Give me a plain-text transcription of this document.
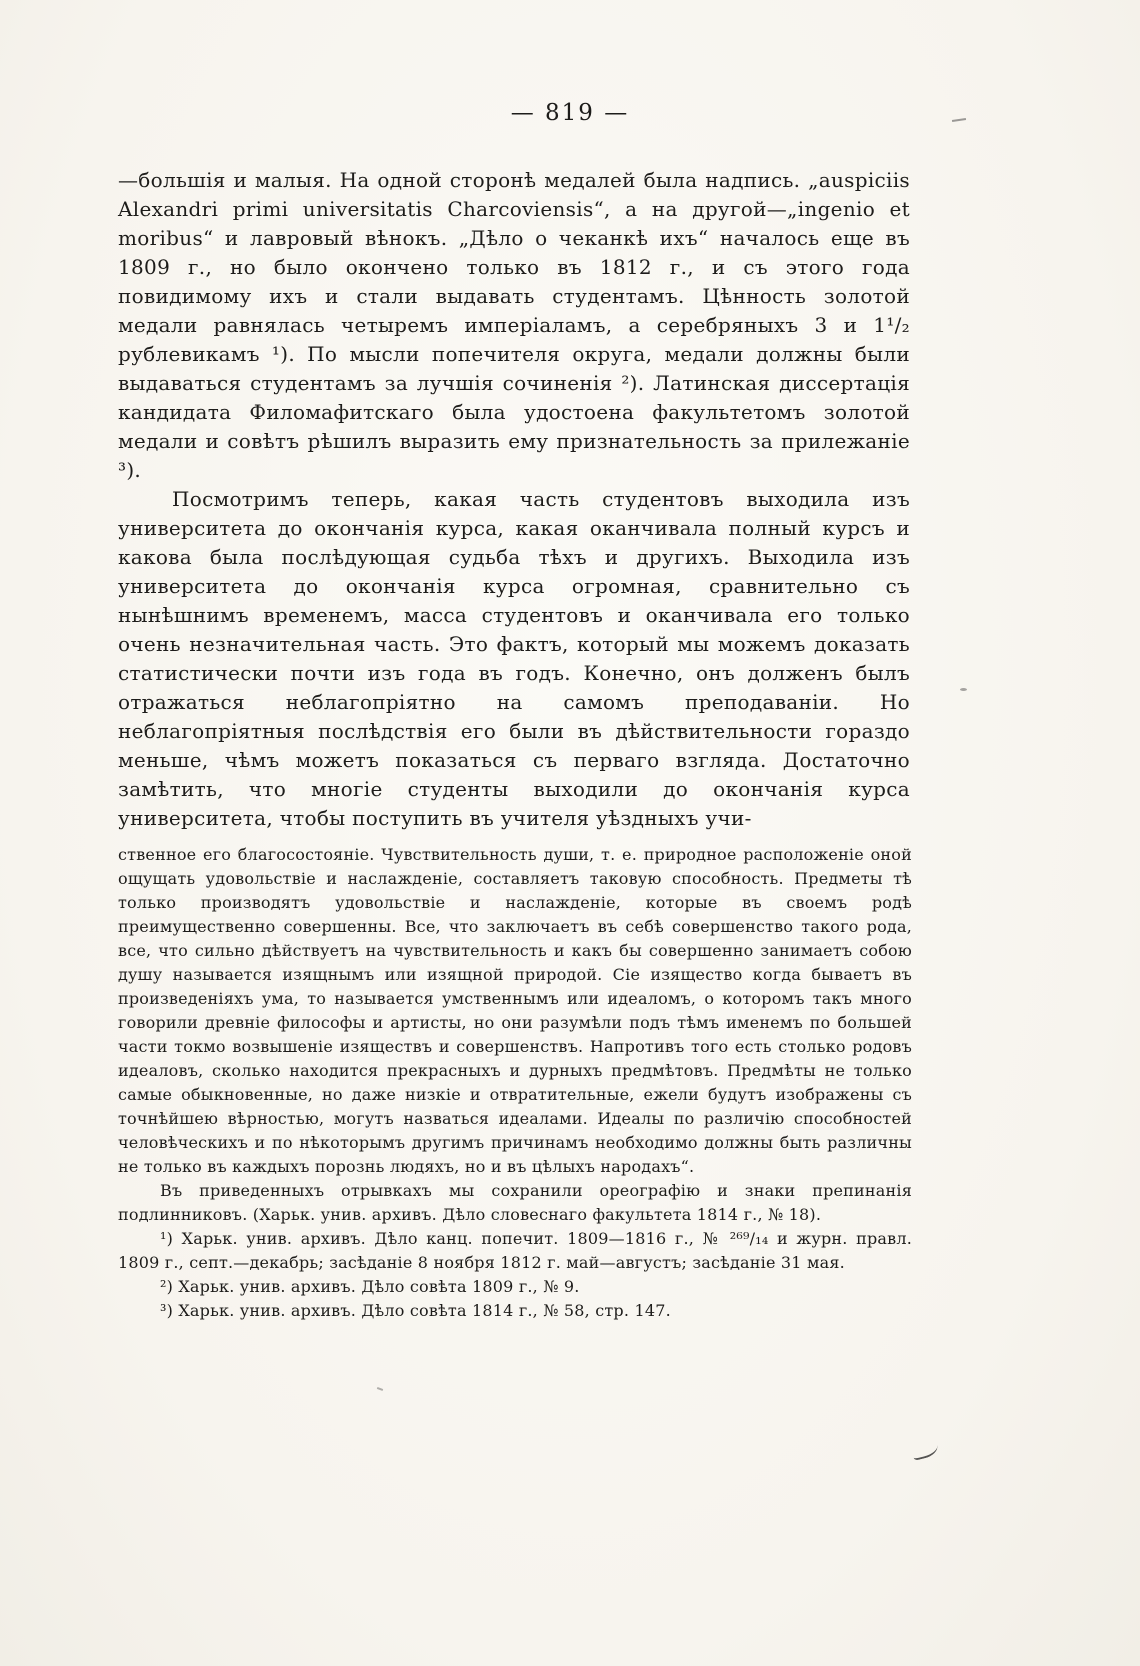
— 819 —

—большія и малыя. На одной сторонѣ медалей была надпись. „auspiciis Alexandri primi universitatis Charcoviensis“, а на другой—„ingenio et moribus“ и лавровый вѣнокъ. „Дѣло о чеканкѣ ихъ“ началось еще въ 1809 г., но было окончено только въ 1812 г., и съ этого года повидимому ихъ и стали выдавать студентамъ. Цѣнность золотой медали равнялась четыремъ имперіаламъ, а серебряныхъ 3 и 1¹/₂ рублевикамъ ¹). По мысли попечителя округа, медали должны были выдаваться студентамъ за лучшія сочиненія ²). Латинская диссертація кандидата Филомафитскаго была удостоена факультетомъ золотой медали и совѣтъ рѣшилъ выразить ему признательность за прилежаніе ³).

Посмотримъ теперь, какая часть студентовъ выходила изъ университета до окончанія курса, какая оканчивала полный курсъ и какова была послѣдующая судьба тѣхъ и другихъ. Выходила изъ университета до окончанія курса огромная, сравнительно съ нынѣшнимъ временемъ, масса студентовъ и оканчивала его только очень незначительная часть. Это фактъ, который мы можемъ доказать статистически почти изъ года въ годъ. Конечно, онъ долженъ былъ отражаться неблагопріятно на самомъ преподаваніи. Но неблагопріятныя послѣдствія его были въ дѣйствительности гораздо меньше, чѣмъ можетъ показаться съ перваго взгляда. Достаточно замѣтить, что многіе студенты выходили до окончанія курса университета, чтобы поступить въ учителя уѣздныхъ учи-

ственное его благосостояніе. Чувствительность души, т. е. природное расположеніе оной ощущать удовольствіе и наслажденіе, составляетъ таковую способность. Предметы тѣ только производятъ удовольствіе и наслажденіе, которые въ своемъ родѣ преимущественно совершенны. Все, что заключаетъ въ себѣ совершенство такого рода, все, что сильно дѣйствуетъ на чувствительность и какъ бы совершенно занимаетъ собою душу называется изящнымъ или изящной природой. Сіе изящество когда бываетъ въ произведеніяхъ ума, то называется умственнымъ или идеаломъ, о которомъ такъ много говорили древніе философы и артисты, но они разумѣли подъ тѣмъ именемъ по большей части токмо возвышеніе изяществъ и совершенствъ. Напротивъ того есть столько родовъ идеаловъ, сколько находится прекрасныхъ и дурныхъ предмѣтовъ. Предмѣты не только самые обыкновенные, но даже низкіе и отвратительные, ежели будутъ изображены съ точнѣйшею вѣрностью, могутъ назваться идеалами. Идеалы по различію способностей человѣческихъ и по нѣкоторымъ другимъ причинамъ необходимо должны быть различны не только въ каждыхъ порознь людяхъ, но и въ цѣлыхъ народахъ“.

Въ приведенныхъ отрывкахъ мы сохранили ореографію и знаки препинанія подлинниковъ. (Харьк. унив. архивъ. Дѣло словеснаго факультета 1814 г., № 18).

¹) Харьк. унив. архивъ. Дѣло канц. попечит. 1809—1816 г., № ²⁶⁹/₁₄ и журн. правл. 1809 г., септ.—декабрь; засѣданіе 8 ноября 1812 г. май—августъ; засѣданіе 31 мая.

²) Харьк. унив. архивъ. Дѣло совѣта 1809 г., № 9.

³) Харьк. унив. архивъ. Дѣло совѣта 1814 г., № 58, стр. 147.
